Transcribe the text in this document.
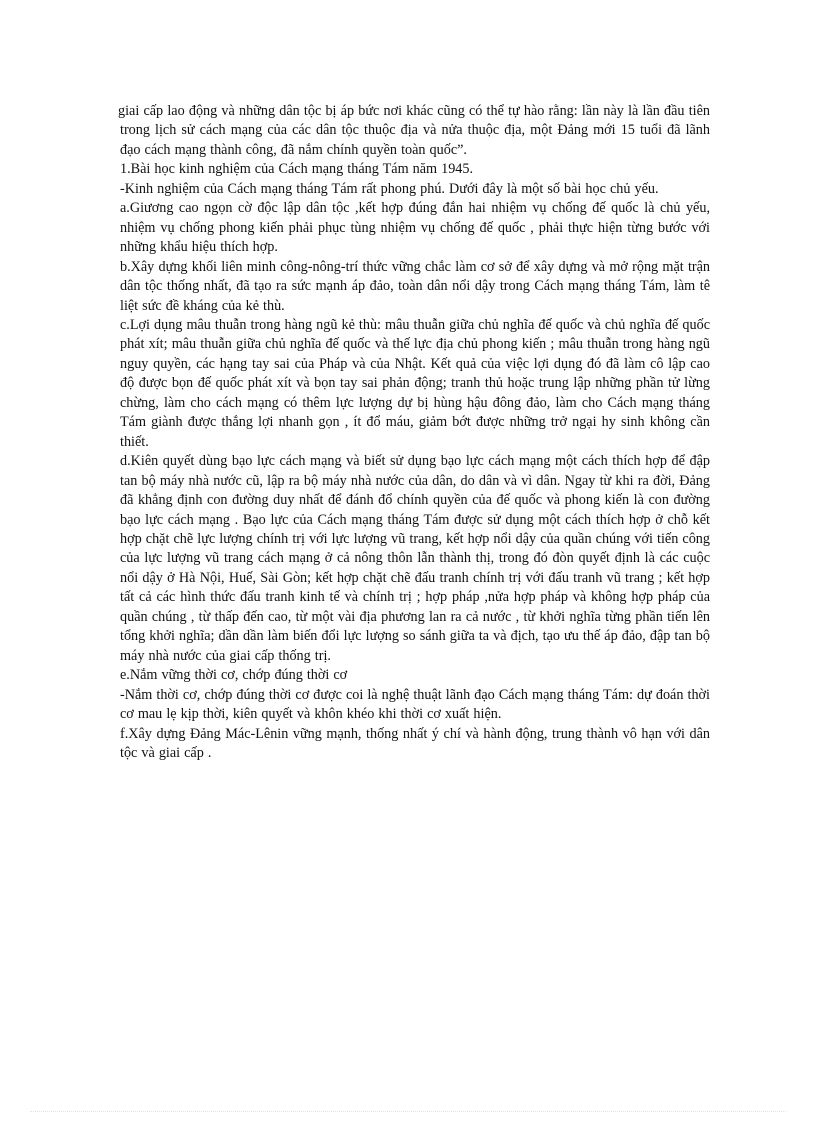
giai cấp lao động và những dân tộc bị áp bức nơi khác cũng có thể tự hào rằng: lần này là lần đầu tiên trong lịch sử cách mạng của các dân tộc thuộc địa và nửa thuộc địa, một Đảng mới 15 tuổi đã lãnh đạo cách mạng thành công, đã nắm chính quyền toàn quốc”.

1.Bài học kinh nghiệm của Cách mạng tháng Tám năm 1945.

-Kinh nghiệm của Cách mạng tháng Tám rất phong phú. Dưới đây là một số bài học chủ yếu.

a.Giương cao ngọn cờ độc lập dân tộc ,kết hợp đúng đắn hai nhiệm vụ chống đế quốc là chủ yếu, nhiệm vụ chống phong kiến phải phục tùng nhiệm vụ chống đế quốc , phải thực hiện từng bước với những khẩu hiệu thích hợp.

b.Xây dựng khối liên minh công-nông-trí thức vững chắc làm cơ sở để xây dựng và mở rộng mặt trận dân tộc thống nhất, đã tạo ra sức mạnh áp đảo, toàn dân nổi dậy trong Cách mạng tháng Tám, làm tê liệt sức đề kháng của kẻ thù.

c.Lợi dụng mâu thuẫn trong hàng ngũ kẻ thù: mâu thuẫn giữa chủ nghĩa đế quốc và chủ nghĩa đế quốc phát xít; mâu thuẫn giữa chủ nghĩa đế quốc và thế lực địa chủ phong kiến ; mâu thuẫn trong hàng ngũ nguy quyền, các hạng tay sai của Pháp và của Nhật. Kết quả của việc lợi dụng đó đã làm cô lập cao độ được bọn đế quốc phát xít và bọn tay sai phản động; tranh thủ hoặc trung lập những phần tử lừng chừng, làm cho cách mạng có thêm lực lượng dự bị hùng hậu đông đảo, làm cho Cách mạng tháng Tám giành được thắng lợi nhanh gọn , ít đổ máu, giảm bớt được những trở ngại hy sinh không cần thiết.

d.Kiên quyết dùng bạo lực cách mạng và biết sử dụng bạo lực cách mạng một cách thích hợp để đập tan bộ máy nhà nước cũ, lập ra bộ máy nhà nước của dân, do dân và vì dân. Ngay từ khi ra đời, Đảng đã khẳng định con đường duy nhất để đánh đổ chính quyền của đế quốc và phong kiến là con đường bạo lực cách mạng . Bạo lực của Cách mạng tháng Tám được sử dụng một cách thích hợp ở chỗ kết hợp chặt chẽ lực lượng chính trị với lực lượng vũ trang, kết hợp nổi dậy của quần chúng với tiến công của lực lượng vũ trang cách mạng ở cả nông thôn lẫn thành thị, trong đó đòn quyết định là các cuộc nổi dậy ở Hà Nội, Huế, Sài Gòn; kết hợp chặt chẽ đấu tranh chính trị với đấu tranh vũ trang ; kết hợp tất cả các hình thức đấu tranh kinh tế và chính trị ; hợp pháp ,nửa hợp pháp và không hợp pháp của quần chúng , từ thấp đến cao, từ một vài địa phương lan ra cả nước , từ khởi nghĩa từng phần tiến lên tổng khởi nghĩa; dần dần làm biến đổi lực lượng so sánh giữa ta và địch, tạo ưu thế áp đảo, đập tan bộ máy nhà nước của giai cấp thống trị.

e.Nắm vững thời cơ, chớp đúng thời cơ

-Nắm thời cơ, chớp đúng thời cơ được coi là nghệ thuật lãnh đạo Cách mạng tháng Tám: dự đoán thời cơ mau lẹ kịp thời, kiên quyết và khôn khéo khi thời cơ xuất hiện.

f.Xây dựng Đảng Mác-Lênin vững mạnh, thống nhất ý chí và hành động, trung thành vô hạn với dân tộc và giai cấp .
